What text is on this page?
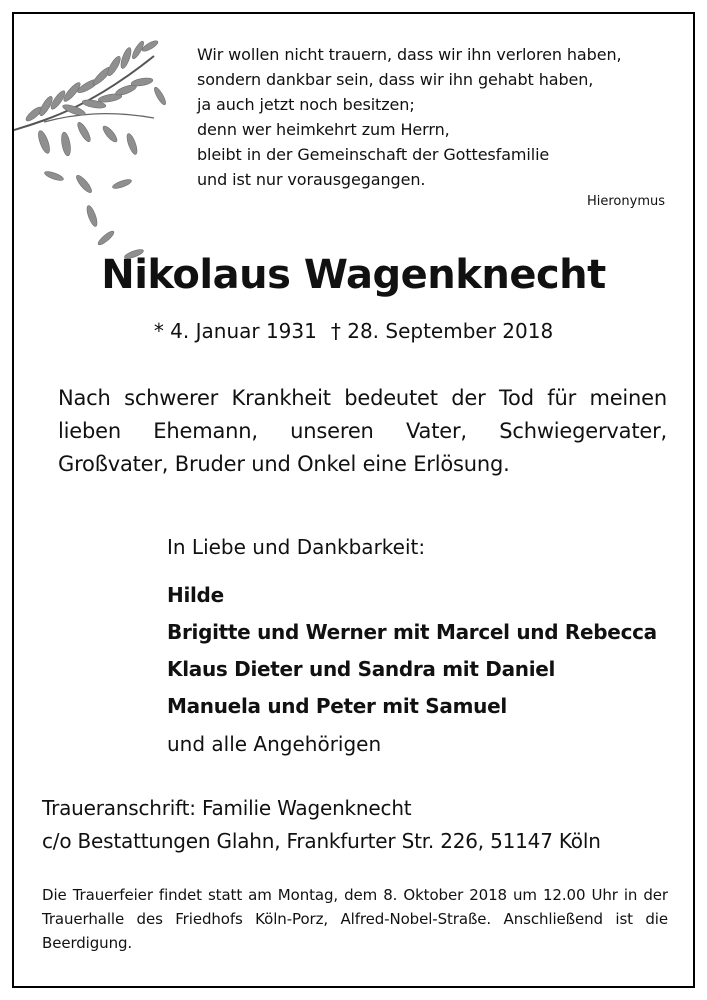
Wir wollen nicht trauern, dass wir ihn verloren haben,
sondern dankbar sein, dass wir ihn gehabt haben,
ja auch jetzt noch besitzen;
denn wer heimkehrt zum Herrn,
bleibt in der Gemeinschaft der Gottesfamilie
und ist nur vorausgegangen.
Hieronymus
Nikolaus Wagenknecht
* 4. Januar 1931 † 28. September 2018
Nach schwerer Krankheit bedeutet der Tod für meinen lieben Ehemann, unseren Vater, Schwiegervater, Großvater, Bruder und Onkel eine Erlösung.
In Liebe und Dankbarkeit:
Hilde
Brigitte und Werner mit Marcel und Rebecca
Klaus Dieter und Sandra mit Daniel
Manuela und Peter mit Samuel
und alle Angehörigen
Traueranschrift: Familie Wagenknecht
c/o Bestattungen Glahn, Frankfurter Str. 226, 51147 Köln
Die Trauerfeier findet statt am Montag, dem 8. Oktober 2018 um 12.00 Uhr in der Trauerhalle des Friedhofs Köln-Porz, Alfred-Nobel-Straße. Anschließend ist die Beerdigung.
